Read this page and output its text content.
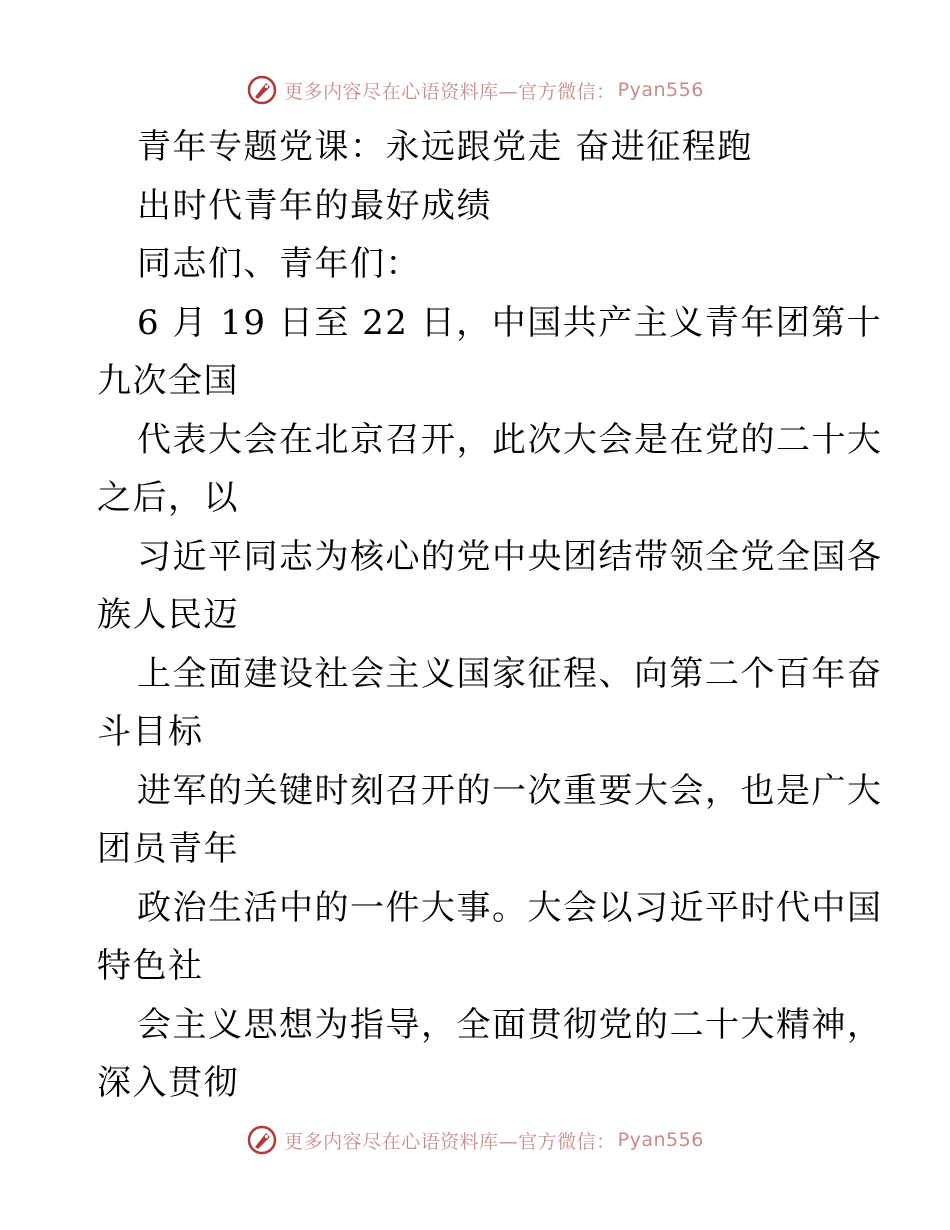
更多内容尽在心语资料库—官方微信： Pyan556
青年专题党课：永远跟党走 奋进征程跑
出时代青年的最好成绩
同志们、青年们：
6 月 19 日至 22 日，中国共产主义青年团第十
九次全国
代表大会在北京召开，此次大会是在党的二十大
之后，以
习近平同志为核心的党中央团结带领全党全国各
族人民迈
上全面建设社会主义国家征程、向第二个百年奋
斗目标
进军的关键时刻召开的一次重要大会，也是广大
团员青年
政治生活中的一件大事。大会以习近平时代中国
特色社
会主义思想为指导，全面贯彻党的二十大精神，
深入贯彻
更多内容尽在心语资料库—官方微信： Pyan556
